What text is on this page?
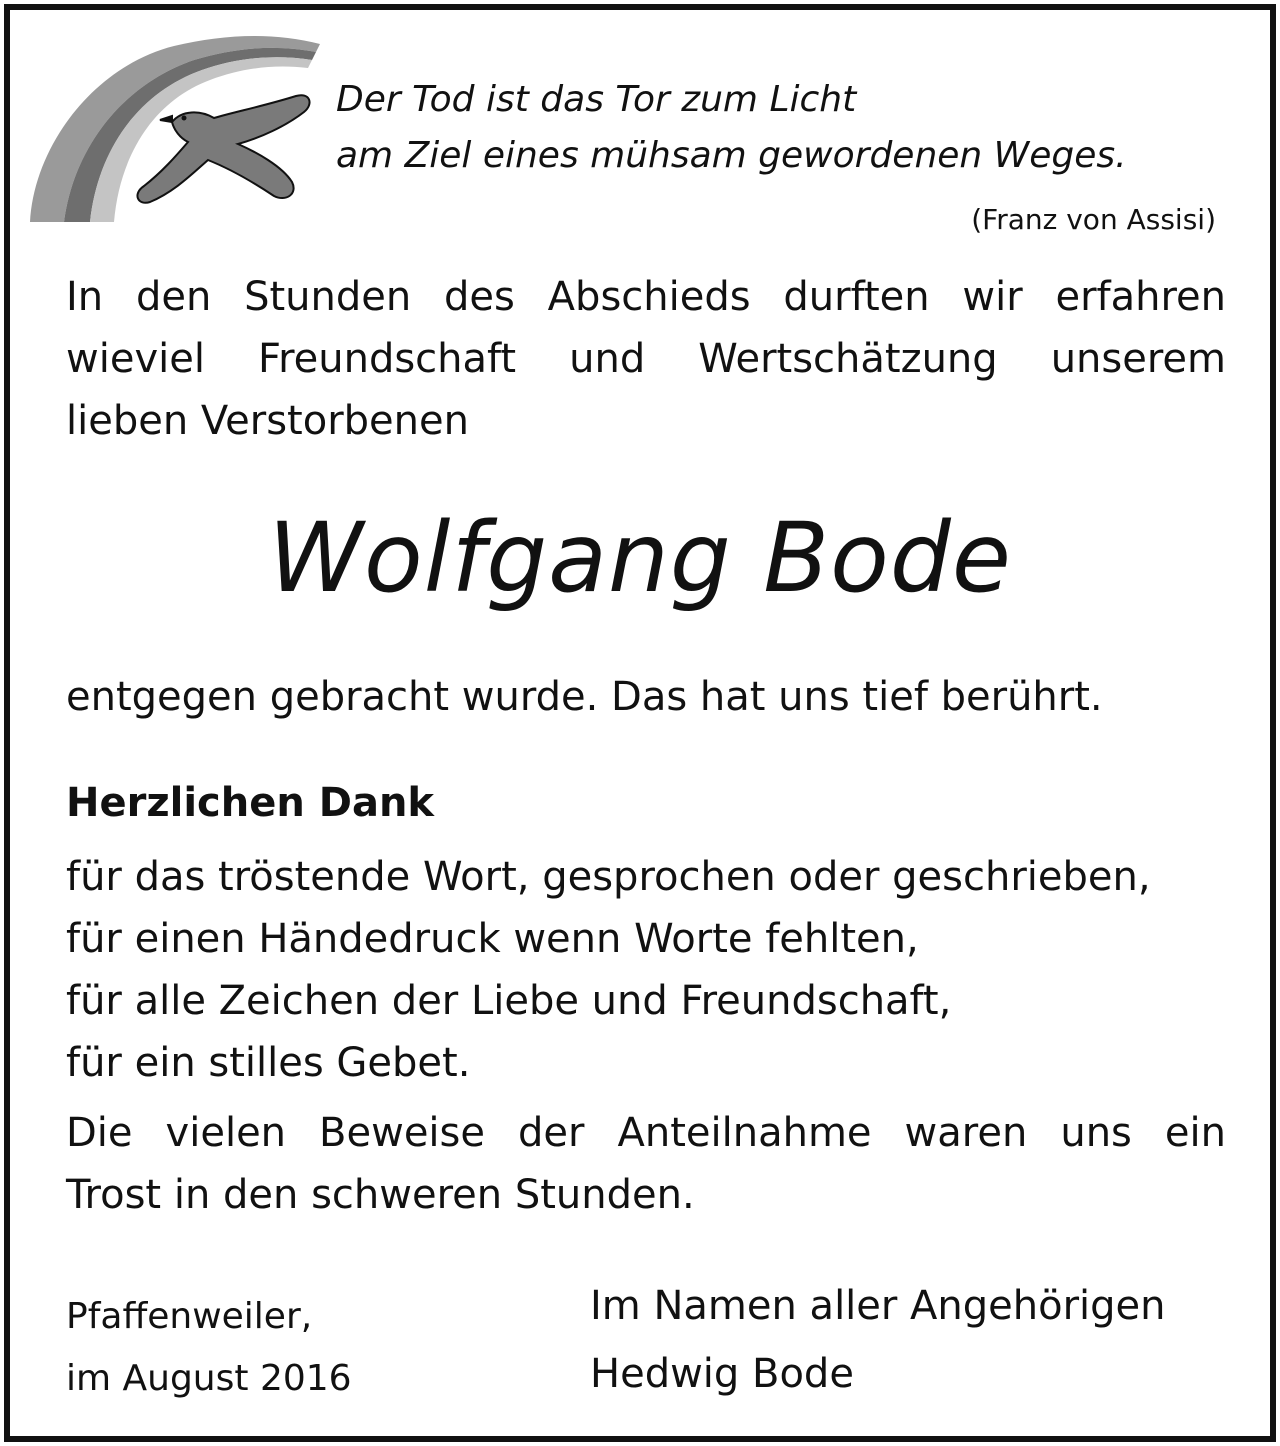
Der Tod ist das Tor zum Licht
am Ziel eines mühsam gewordenen Weges.
(Franz von Assisi)
In den Stunden des Abschieds durften wir erfahren
wieviel Freundschaft und Wertschätzung unserem
lieben Verstorbenen
Wolfgang Bode
entgegen gebracht wurde. Das hat uns tief berührt.
Herzlichen Dank
für das tröstende Wort, gesprochen oder geschrieben,
für einen Händedruck wenn Worte fehlten,
für alle Zeichen der Liebe und Freundschaft,
für ein stilles Gebet.
Die vielen Beweise der Anteilnahme waren uns ein
Trost in den schweren Stunden.
Pfaffenweiler,
im August 2016
Im Namen aller Angehörigen
Hedwig Bode
